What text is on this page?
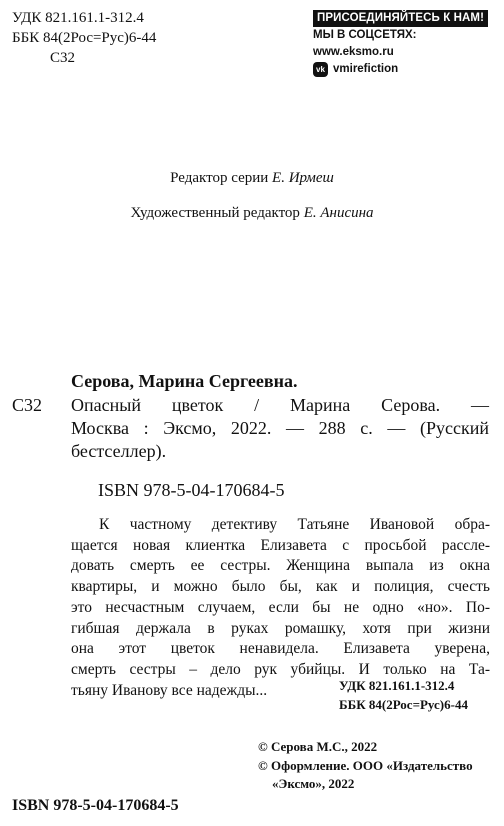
УДК 821.161.1-312.4
ББК 84(2Рос=Рус)6-44
С32
ПРИСОЕДИНЯЙТЕСЬ К НАМ!
МЫ В СОЦСЕТЯХ:
www.eksmo.ru
vk vmirefiction
Редактор серии Е. Ирмеш
Художественный редактор Е. Анисина
Серова, Марина Сергеевна.
С32 Опасный цветок / Марина Серова. —
Москва : Эксмо, 2022. — 288 с. — (Русский
бестселлер).
ISBN 978-5-04-170684-5
К частному детективу Татьяне Ивановой обра-
щается новая клиентка Елизавета с просьбой рассле-
довать смерть ее сестры. Женщина выпала из окна
квартиры, и можно было бы, как и полиция, счесть
это несчастным случаем, если бы не одно «но». По-
гибшая держала в руках ромашку, хотя при жизни
она этот цветок ненавидела. Елизавета уверена,
смерть сестры – дело рук убийцы. И только на Та-
тьяну Иванову все надежды...	УДК 821.161.1-312.4
ББК 84(2Рос=Рус)6-44
© Серова М.С., 2022
© Оформление. ООО «Издательство
«Эксмо», 2022
ISBN 978-5-04-170684-5
